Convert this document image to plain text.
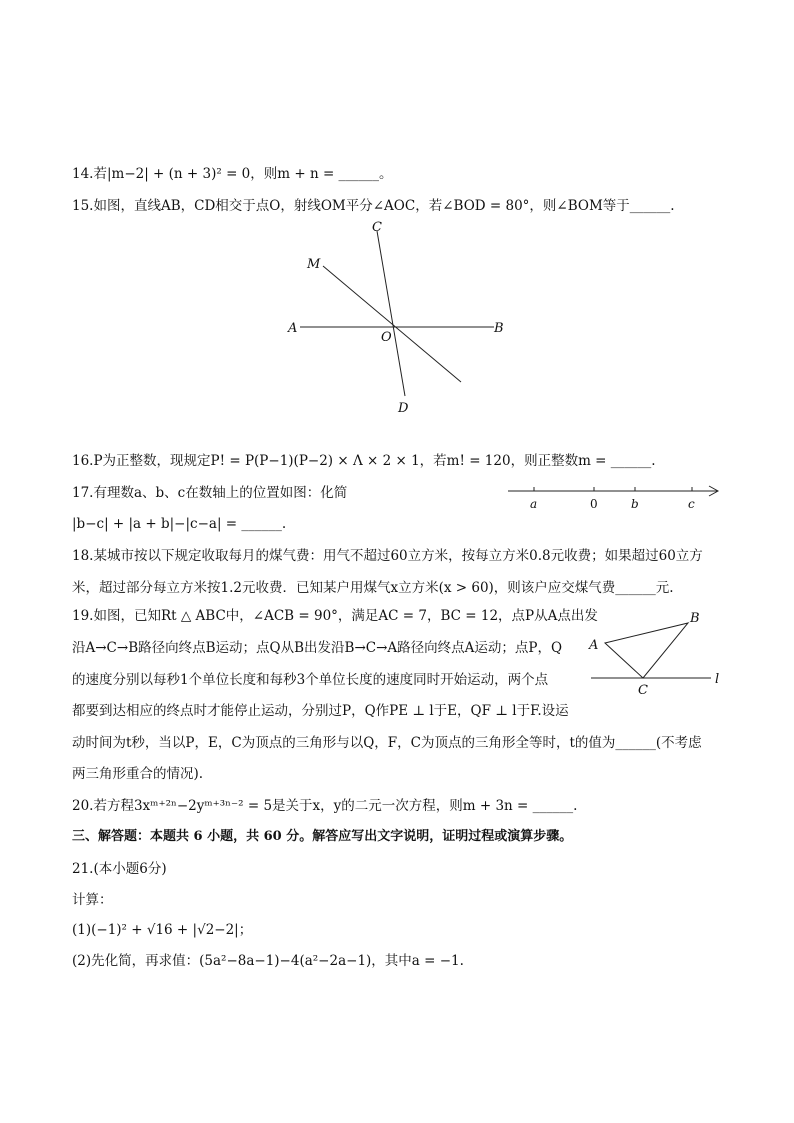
14.若|m−2| + (n + 3)² = 0，则m + n = ______。
15.如图，直线AB，CD相交于点O，射线OM平分∠AOC，若∠BOD = 80°，则∠BOM等于______.
C
M
A	B
O
D
16.P为正整数，现规定P! = P(P−1)(P−2) × Λ × 2 × 1，若m! = 120，则正整数m = ______.
17.有理数a、b、c在数轴上的位置如图：化简
|b−c| + |a + b|−|c−a| = ______.
a	0	b	c
18.某城市按以下规定收取每月的煤气费：用气不超过60立方米，按每立方米0.8元收费；如果超过60立方
米，超过部分每立方米按1.2元收费．已知某户用煤气x立方米(x > 60)，则该户应交煤气费______元.
19.如图，已知Rt △ ABC中，∠ACB = 90°，满足AC = 7，BC = 12，点P从A点出发
沿A→C→B路径向终点B运动；点Q从B出发沿B→C→A路径向终点A运动；点P，Q
的速度分别以每秒1个单位长度和每秒3个单位长度的速度同时开始运动，两个点
都要到达相应的终点时才能停止运动，分别过P，Q作PE ⊥ l于E，QF ⊥ l于F.设运
动时间为t秒，当以P，E，C为顶点的三角形与以Q，F，C为顶点的三角形全等时，t的值为______(不考虑
两三角形重合的情况).
A
B
C
l
20.若方程3xᵐ⁺²ⁿ−2yᵐ⁺³ⁿ⁻² = 5是关于x，y的二元一次方程，则m + 3n = ______.
三、解答题：本题共 6 小题，共 60 分。解答应写出文字说明，证明过程或演算步骤。
21.(本小题6分)
计算：
(1)(−1)² + √16 + |√2−2|；
(2)先化简，再求值：(5a²−8a−1)−4(a²−2a−1)，其中a = −1.
